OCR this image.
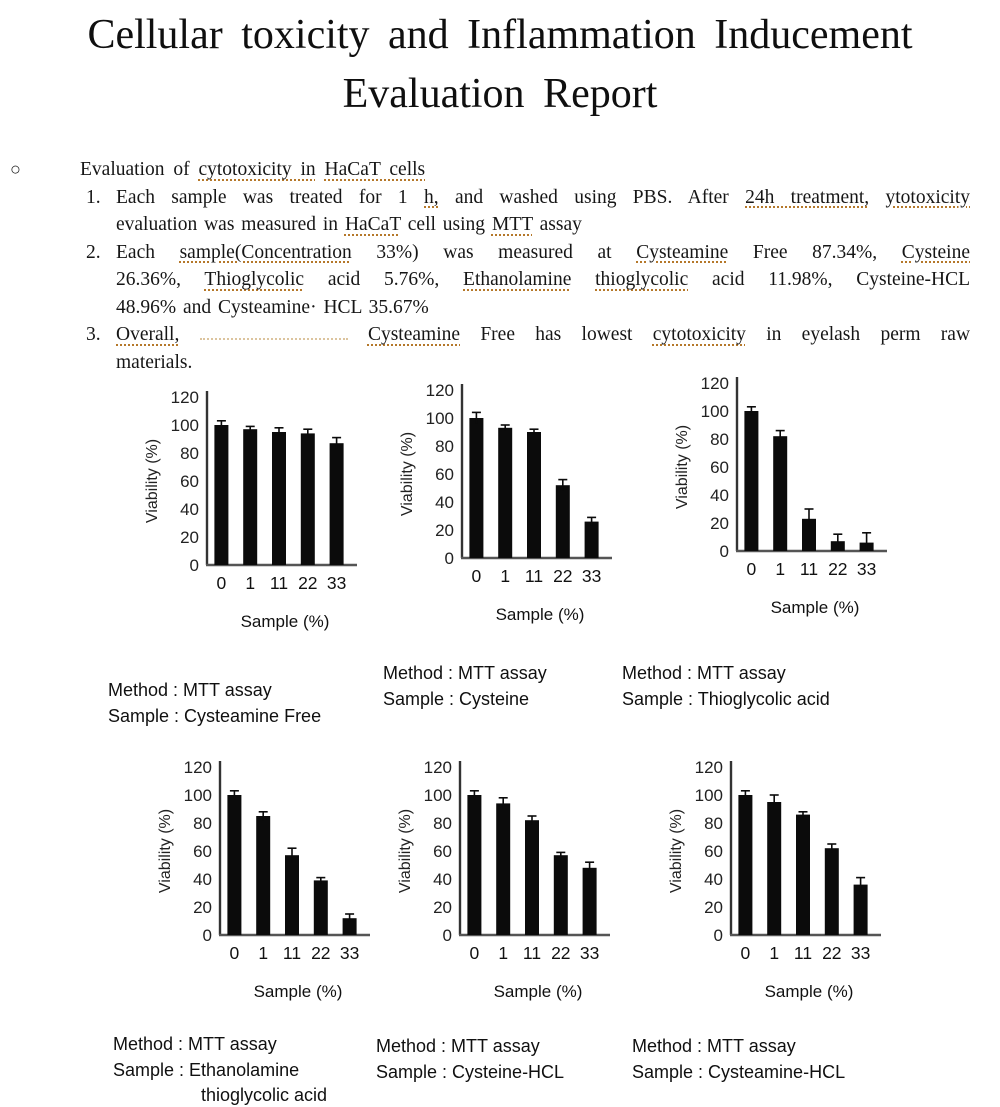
Cellular toxicity and Inflammation Inducement
Evaluation Report
○	Evaluation of cytotoxicity in HaCaT cells
1. Each sample was treated for 1 h, and washed using PBS. After 24h treatment, ytotoxicity
evaluation was measured in HaCaT cell using MTT assay
2. Each sample(Concentration 33%) was measured at Cysteamine Free 87.34%, Cysteine
26.36%, Thioglycolic acid 5.76%, Ethanolamine thioglycolic acid 11.98%, Cysteine-HCL
48.96% and Cysteamine· HCL 35.67%
3. Overall,	Cysteamine Free has lowest cytotoxicity in eyelash perm raw
materials.
0
20
40
60
80
100
120
Viability (%)
0 1 11 22 33
Sample (%)
0
20
40
60
80
100
120
Viability (%)
0 1 11 22 33
Sample (%)
0
20
40
60
80
100
120
Viability (%)
0 1 11 22 33
Sample (%)
0
20
40
60
80
100
120
Viability (%)
0 1 11 22 33
Sample (%)
0
20
40
60
80
100
120
Viability (%)
0 1 11 22 33
Sample (%)
0
20
40
60
80
100
120
Viability (%)
0 1 11 22 33
Sample (%)
Method : MTT assay
Sample : Cysteamine Free
Method : MTT assay
Sample : Cysteine
Method : MTT assay
Sample : Thioglycolic acid
Method : MTT assay
Sample : Ethanolamine
thioglycolic acid
Method : MTT assay
Sample : Cysteine-HCL
Method : MTT assay
Sample : Cysteamine-HCL
